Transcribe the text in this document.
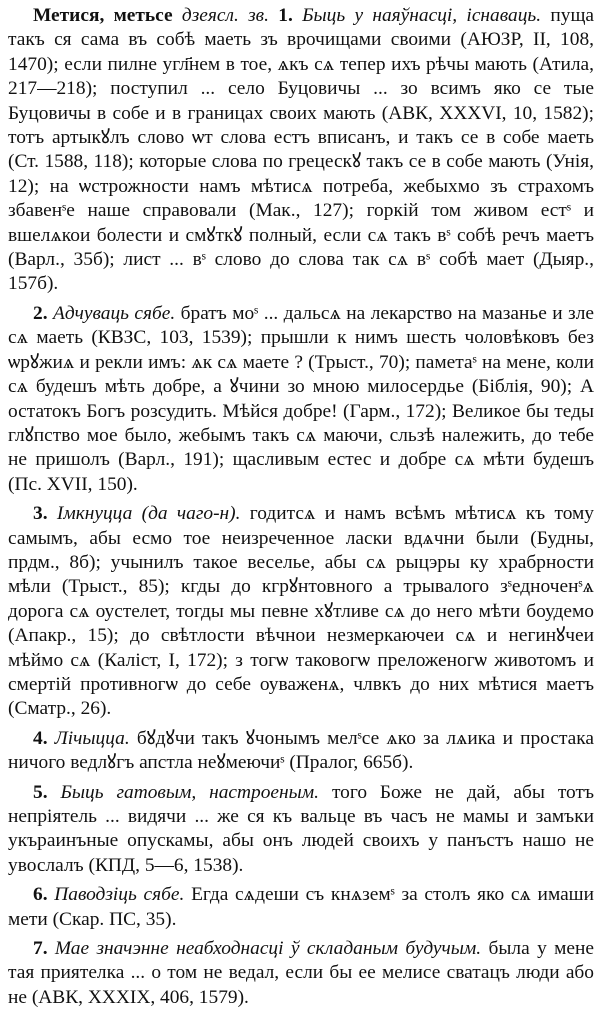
Метися, метьсе дзеясл. зв. 1. Быць у наяўнасці, існаваць. пуща такъ ся сама въ собѣ маеть зъ врочищами своими (АЮЗР, II, 108, 1470); если пилне угл҃нем в тое, ѧкъ сѧ тепер ихъ рѣчы мають (Атила, 217—218); поступил ... село Буцовичы ... зо всимъ яко се тые Буцовичы в собе и в границах своих мають (АВК, XXXVI, 10, 1582); тотъ артыкꙋлъ слово ѡт слова естъ вписанъ, и такъ се в собе маеть (Ст. 1588, 118); которые слова по грецескꙋ такъ се в собе мають (Унія, 12); на ѡстрожности намъ мѣтисѧ потреба, жебыхмо зъ страхомъ збавенˢе наше справовали (Мак., 127); горкій том живом естˢ и вшелѧкои болести и смꙋткꙋ полный, если сѧ такъ вˢ собѣ речъ маетъ (Варл., 35б); лист ... вˢ слово до слова так сѧ вˢ собѣ мает (Дыяр., 157б).

2. Адчуваць сябе. братъ моˢ ... дальсѧ на лекарство на мазанье и зле сѧ маеть (КВЗС, 103, 1539); прышли к нимъ шесть чоловѣковъ без ѡрꙋжиѧ и рекли имъ: ѧк сѧ маете ? (Трыст., 70); паметаˢ на мене, коли сѧ будешъ мѣть добре, а ꙋчини зо мною милосердье (Біблія, 90); А остатокъ Богъ розсудить. Мѣйся добре! (Гарм., 172); Великое бы теды глꙋпство мое было, жебымъ такъ сѧ маючи, сльзѣ належить, до тебе не пришолъ (Варл., 191); щасливым естес и добре сѧ мѣти будешъ (Пс. XVII, 150).

3. Імкнуцца (да чаго-н). годитсѧ и намъ всѣмъ мѣтисѧ къ тому самымъ, абы есмо тое неизреченное ласки вдѧчни были (Будны, прдм., 8б); учынилъ такое веселье, абы сѧ рыцэры ку храбрности мѣли (Трыст., 85); кгды до кгрꙋнтовного а трывалого зˢедноченˢѧ дорога сѧ оустелет, тогды мы певне хꙋтливе сѧ до него мѣти боудемо (Апакр., 15); до свѣтлости вѣчнои незмеркаючеи сѧ и негинꙋчеи мѣймо сѧ (Каліст, I, 172); з тогѡ таковогѡ преложеногѡ животомъ и смертій противногѡ до себе оуваженѧ, члвкъ до них мѣтися маетъ (Сматр., 26).

4. Лічыцца. бꙋдꙋчи такъ ꙋчонымъ мелˢсе ѧко за лѧика и простака ничого ведлꙋгъ апстла неꙋмеючиˢ (Пралог, 665б).

5. Быць гатовым, настроеным. того Боже не дай, абы тотъ непріятель ... видячи ... же ся къ вальце въ часъ не мамы и замъки укъраинъные опускамы, абы онъ людей своихъ у панъстъ нашо не увослалъ (КПД, 5—6, 1538).

6. Паводзіць сябе. Егда сѧдеши съ кнѧземˢ за столъ яко сѧ имаши мети (Скар. ПС, 35).

7. Мае значэнне неабходнасці ў складаным будучым. была у мене тая приятелка ... о том не ведал, если бы ее мелисе сватацъ люди або не (АВК, XXXIX, 406, 1579).
